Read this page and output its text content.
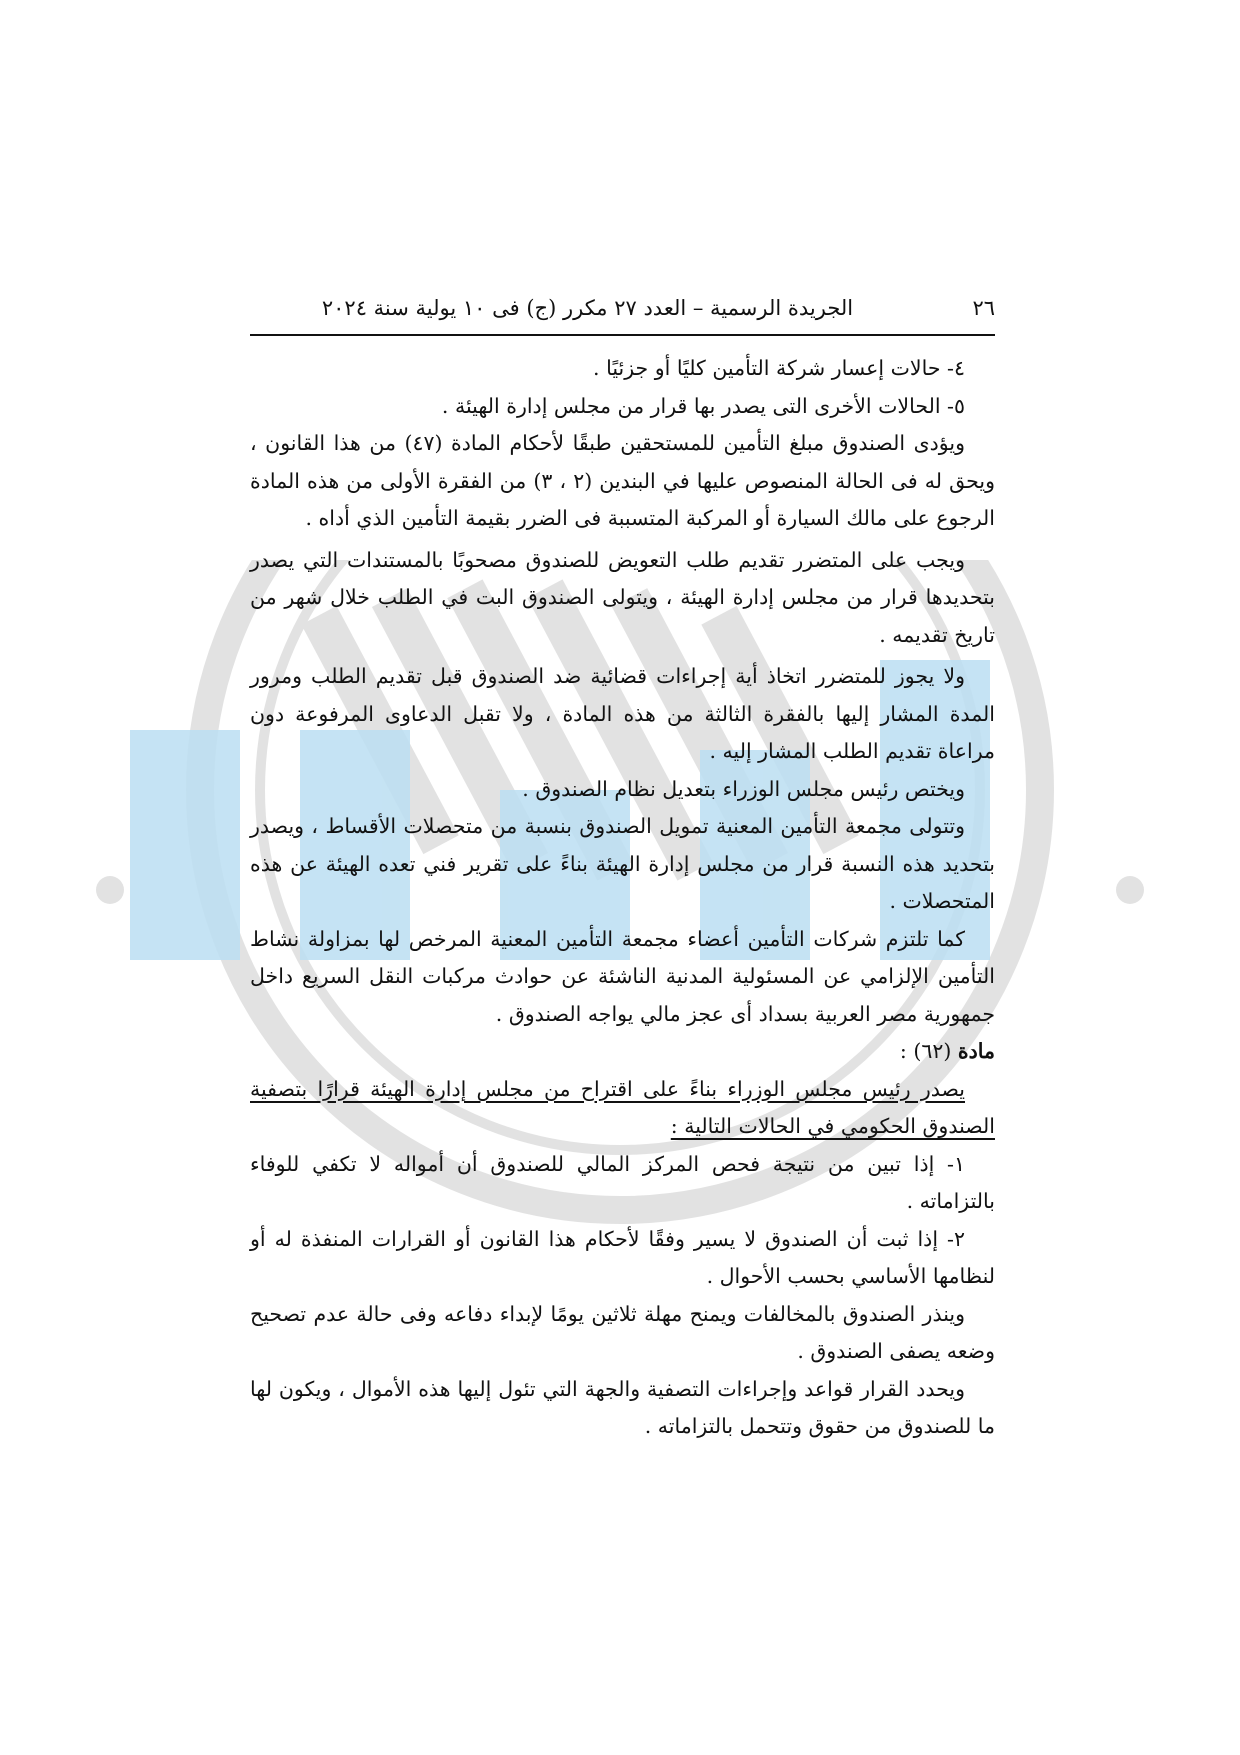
٢٦
الجريدة الرسمية – العدد ٢٧ مكرر (ج) فى ١٠ يولية سنة ٢٠٢٤

٤- حالات إعسار شركة التأمين كليًا أو جزئيًا .

٥- الحالات الأخرى التى يصدر بها قرار من مجلس إدارة الهيئة .

ويؤدى الصندوق مبلغ التأمين للمستحقين طبقًا لأحكام المادة (٤٧) من هذا القانون ، ويحق له فى الحالة المنصوص عليها في البندين (٢ ، ٣) من الفقرة الأولى من هذه المادة الرجوع على مالك السيارة أو المركبة المتسببة فى الضرر بقيمة التأمين الذي أداه .

ويجب على المتضرر تقديم طلب التعويض للصندوق مصحوبًا بالمستندات التي يصدر بتحديدها قرار من مجلس إدارة الهيئة ، ويتولى الصندوق البت في الطلب خلال شهر من تاريخ تقديمه .

ولا يجوز للمتضرر اتخاذ أية إجراءات قضائية ضد الصندوق قبل تقديم الطلب ومرور المدة المشار إليها بالفقرة الثالثة من هذه المادة ، ولا تقبل الدعاوى المرفوعة دون مراعاة تقديم الطلب المشار إليه .

ويختص رئيس مجلس الوزراء بتعديل نظام الصندوق .

وتتولى مجمعة التأمين المعنية تمويل الصندوق بنسبة من متحصلات الأقساط ، ويصدر بتحديد هذه النسبة قرار من مجلس إدارة الهيئة بناءً على تقرير فني تعده الهيئة عن هذه المتحصلات .

كما تلتزم شركات التأمين أعضاء مجمعة التأمين المعنية المرخص لها بمزاولة نشاط التأمين الإلزامي عن المسئولية المدنية الناشئة عن حوادث مركبات النقل السريع داخل جمهورية مصر العربية بسداد أى عجز مالي يواجه الصندوق .

مادة (٦٢) :

يصدر رئيس مجلس الوزراء بناءً على اقتراح من مجلس إدارة الهيئة قرارًا بتصفية الصندوق الحكومي في الحالات التالية :

١- إذا تبين من نتيجة فحص المركز المالي للصندوق أن أمواله لا تكفي للوفاء بالتزاماته .

٢- إذا ثبت أن الصندوق لا يسير وفقًا لأحكام هذا القانون أو القرارات المنفذة له أو لنظامها الأساسي بحسب الأحوال .

وينذر الصندوق بالمخالفات ويمنح مهلة ثلاثين يومًا لإبداء دفاعه وفى حالة عدم تصحيح وضعه يصفى الصندوق .

ويحدد القرار قواعد وإجراءات التصفية والجهة التي تئول إليها هذه الأموال ، ويكون لها ما للصندوق من حقوق وتتحمل بالتزاماته .
